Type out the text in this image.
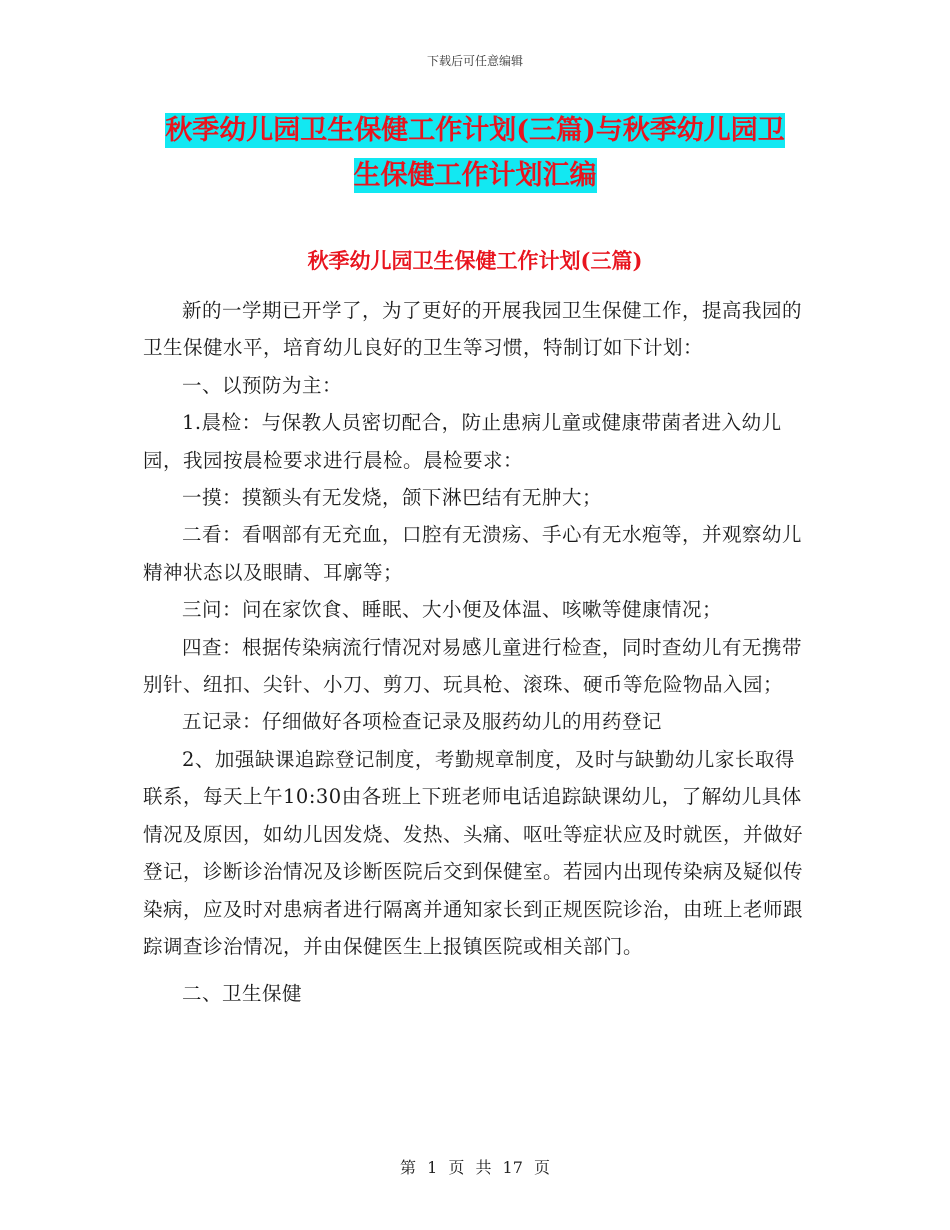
下载后可任意编辑
秋季幼儿园卫生保健工作计划(三篇)与秋季幼儿园卫
生保健工作计划汇编
秋季幼儿园卫生保健工作计划(三篇)

新的一学期已开学了，为了更好的开展我园卫生保健工作，提高我园的卫生保健水平，培育幼儿良好的卫生等习惯，特制订如下计划：

一、以预防为主：

1.晨检：与保教人员密切配合，防止患病儿童或健康带菌者进入幼儿园，我园按晨检要求进行晨检。晨检要求：

一摸：摸额头有无发烧，颌下淋巴结有无肿大；

二看：看咽部有无充血，口腔有无溃疡、手心有无水疱等，并观察幼儿精神状态以及眼睛、耳廓等；

三问：问在家饮食、睡眠、大小便及体温、咳嗽等健康情况；

四查：根据传染病流行情况对易感儿童进行检查，同时查幼儿有无携带别针、纽扣、尖针、小刀、剪刀、玩具枪、滚珠、硬币等危险物品入园；

五记录：仔细做好各项检查记录及服药幼儿的用药登记

2、加强缺课追踪登记制度，考勤规章制度，及时与缺勤幼儿家长取得联系，每天上午10:30由各班上下班老师电话追踪缺课幼儿，了解幼儿具体情况及原因，如幼儿因发烧、发热、头痛、呕吐等症状应及时就医，并做好登记，诊断诊治情况及诊断医院后交到保健室。若园内出现传染病及疑似传染病，应及时对患病者进行隔离并通知家长到正规医院诊治，由班上老师跟踪调查诊治情况，并由保健医生上报镇医院或相关部门。

二、卫生保健

第 1 页 共 17 页
